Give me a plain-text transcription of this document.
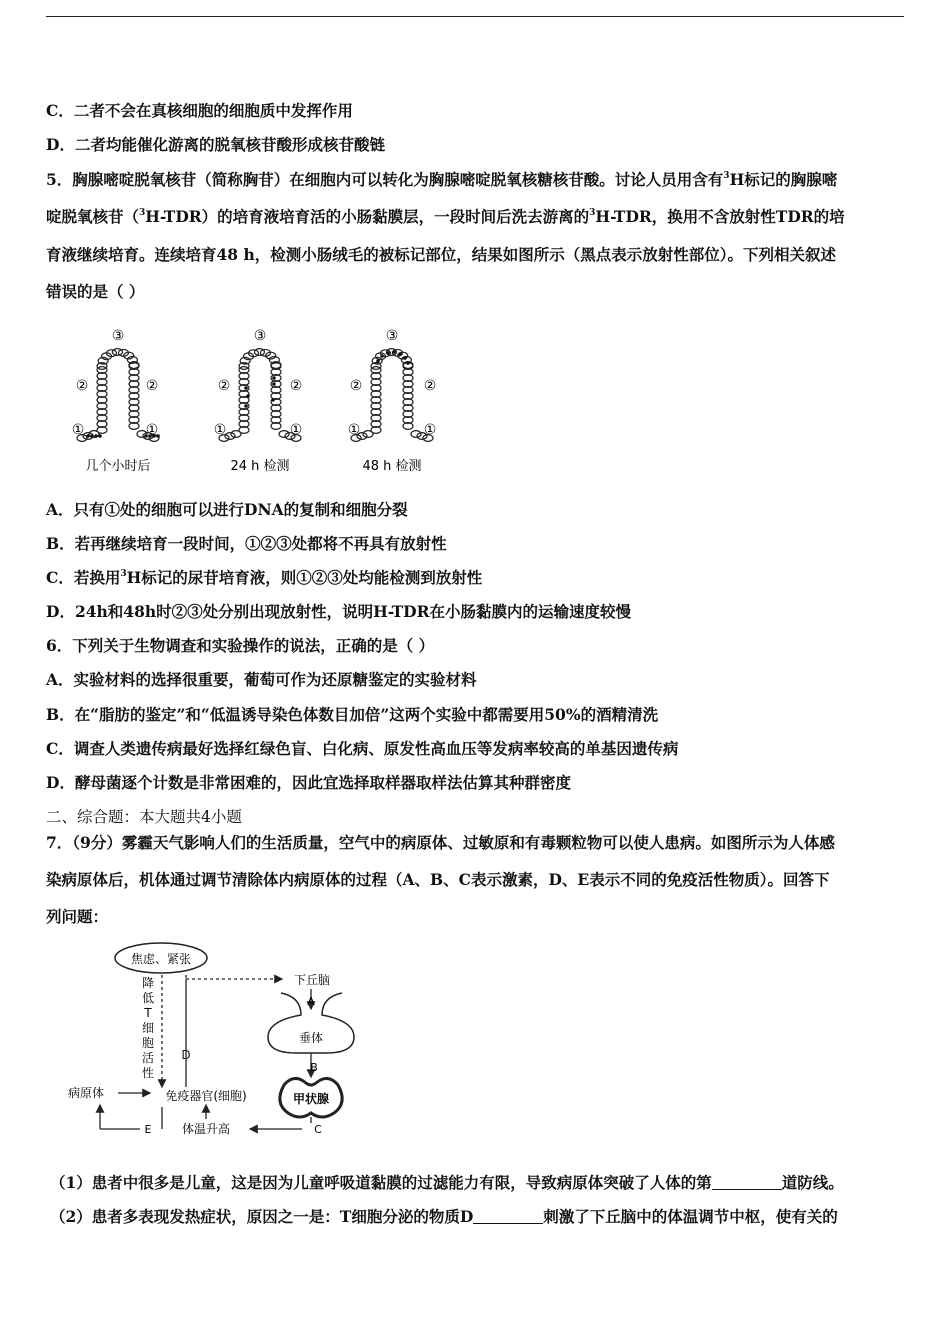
C．二者不会在真核细胞的细胞质中发挥作用
D．二者均能催化游离的脱氧核苷酸形成核苷酸链
5．胸腺嘧啶脱氧核苷（简称胸苷）在细胞内可以转化为胸腺嘧啶脱氧核糖核苷酸。讨论人员用含有$^3$H标记的胸腺嘧
啶脱氧核苷（$^3$H-TDR）的培育液培育活的小肠黏膜层，一段时间后洗去游离的$^3$H-TDR，换用不含放射性TDR的培
育液继续培育。连续培育48 h，检测小肠绒毛的被标记部位，结果如图所示（黑点表示放射性部位）。下列相关叙述
错误的是（ ）
几个小时后	24 h 检测	48 h 检测
③
②	②
①	①
③
②	②
①	①
③
②	②
①	①
A．只有①处的细胞可以进行DNA的复制和细胞分裂
B．若再继续培育一段时间，①②③处都将不再具有放射性
C．若换用$^3$H标记的尿苷培育液，则①②③处均能检测到放射性
D．24h和48h时②③处分别出现放射性，说明H-TDR在小肠黏膜内的运输速度较慢
6．下列关于生物调查和实验操作的说法，正确的是（ ）
A．实验材料的选择很重要，葡萄可作为还原糖鉴定的实验材料
B．在“脂肪的鉴定”和“低温诱导染色体数目加倍”这两个实验中都需要用50%的酒精清洗
C．调查人类遗传病最好选择红绿色盲、白化病、原发性高血压等发病率较高的单基因遗传病
D．酵母菌逐个计数是非常困难的，因此宜选择取样器取样法估算其种群密度
二、综合题：本大题共4小题
7．（9分）雾霾天气影响人们的生活质量，空气中的病原体、过敏原和有毒颗粒物可以使人患病。如图所示为人体感
染病原体后，机体通过调节清除体内病原体的过程（A、B、C表示激素，D、E表示不同的免疫活性物质）。回答下
列问题：
焦虑、紧张
降
低
T
细
胞
活
性
下丘脑
D
A
垂体
B
甲状腺
C
体温升高
免疫器官(细胞)
病原体
E
（1）患者中很多是儿童，这是因为儿童呼吸道黏膜的过滤能力有限，导致病原体突破了人体的第	道防线。
（2）患者多表现发热症状，原因之一是：T细胞分泌的物质D	刺激了下丘脑中的体温调节中枢，使有关的
